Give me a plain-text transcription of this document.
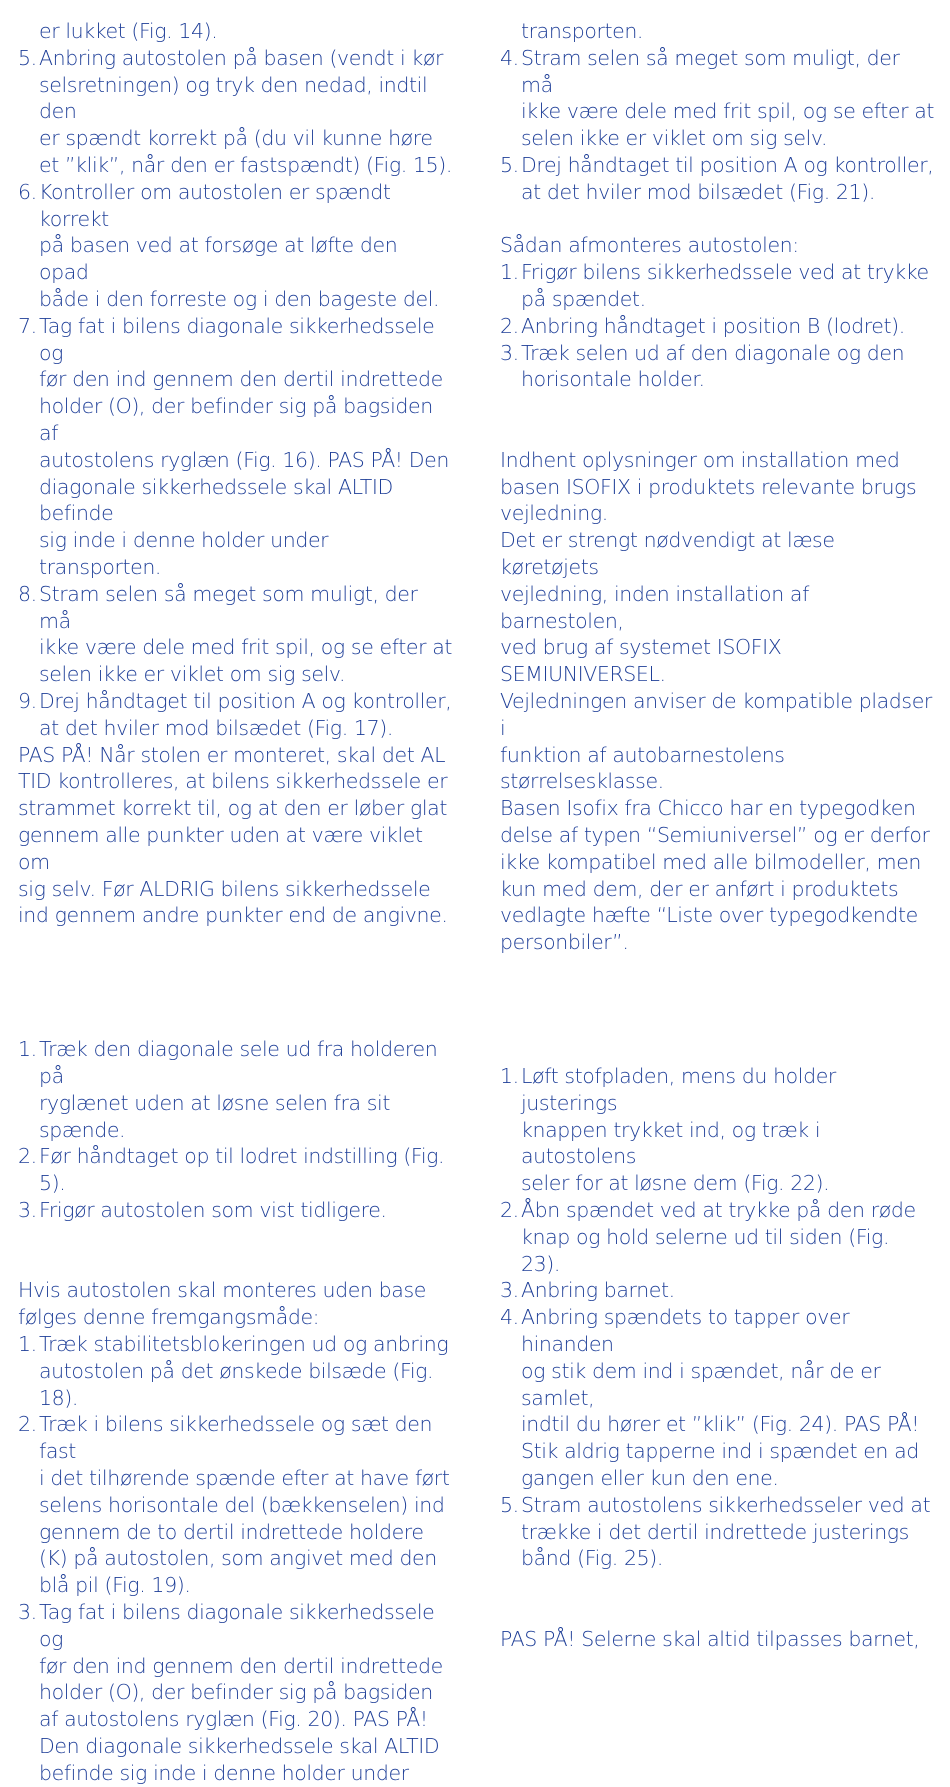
er lukket (Fig. 14).

5. Anbring autostolen på basen (vendt i kør
selsretningen) og tryk den nedad, indtil den
er spændt korrekt på (du vil kunne høre
et ”klik”, når den er fastspændt) (Fig. 15).
6. Kontroller om autostolen er spændt korrekt
på basen ved at forsøge at løfte den opad
både i den forreste og i den bageste del.
7. Tag fat i bilens diagonale sikkerhedssele og
før den ind gennem den dertil indrettede
holder (O), der befinder sig på bagsiden af
autostolens ryglæn (Fig. 16). PAS PÅ! Den
diagonale sikkerhedssele skal ALTID befinde
sig inde i denne holder under transporten.
8. Stram selen så meget som muligt, der må
ikke være dele med frit spil, og se efter at
selen ikke er viklet om sig selv.
9. Drej håndtaget til position A og kontroller,
at det hviler mod bilsædet (Fig. 17).

PAS PÅ! Når stolen er monteret, skal det AL
TID kontrolleres, at bilens sikkerhedssele er
strammet korrekt til, og at den er løber glat
gennem alle punkter uden at være viklet om
sig selv. Før ALDRIG bilens sikkerhedssele
ind gennem andre punkter end de angivne.

1. Træk den diagonale sele ud fra holderen på
ryglænet uden at løsne selen fra sit spænde.
2. Før håndtaget op til lodret indstilling (Fig. 5).
3. Frigør autostolen som vist tidligere.

Hvis autostolen skal monteres uden base
følges denne fremgangsmåde:

1. Træk stabilitetsblokeringen ud og anbring
autostolen på det ønskede bilsæde (Fig. 18).
2. Træk i bilens sikkerhedssele og sæt den fast
i det tilhørende spænde efter at have ført
selens horisontale del (bækkenselen) ind
gennem de to dertil indrettede holdere
(K) på autostolen, som angivet med den
blå pil (Fig. 19).
3. Tag fat i bilens diagonale sikkerhedssele og
før den ind gennem den dertil indrettede
holder (O), der befinder sig på bagsiden
af autostolens ryglæn (Fig. 20). PAS PÅ!
Den diagonale sikkerhedssele skal ALTID
befinde sig inde i denne holder under

transporten.

4. Stram selen så meget som muligt, der må
ikke være dele med frit spil, og se efter at
selen ikke er viklet om sig selv.
5. Drej håndtaget til position A og kontroller,
at det hviler mod bilsædet (Fig. 21).

Sådan afmonteres autostolen:

1. Frigør bilens sikkerhedssele ved at trykke
på spændet.
2. Anbring håndtaget i position B (lodret).
3. Træk selen ud af den diagonale og den
horisontale holder.

Indhent oplysninger om installation med
basen ISOFIX i produktets relevante brugs
vejledning.

Det er strengt nødvendigt at læse køretøjets
vejledning, inden installation af barnestolen,
ved brug af systemet ISOFIX SEMIUNIVERSEL.
Vejledningen anviser de kompatible pladser i
funktion af autobarnestolens størrelsesklasse.
Basen Isofix fra Chicco har en typegodken
delse af typen “Semiuniversel” og er derfor
ikke kompatibel med alle bilmodeller, men
kun med dem, der er anført i produktets
vedlagte hæfte “Liste over typegodkendte
personbiler”.

1. Løft stofpladen, mens du holder justerings
knappen trykket ind, og træk i autostolens
seler for at løsne dem (Fig. 22).
2. Åbn spændet ved at trykke på den røde
knap og hold selerne ud til siden (Fig. 23).
3. Anbring barnet.
4. Anbring spændets to tapper over hinanden
og stik dem ind i spændet, når de er samlet,
indtil du hører et ”klik” (Fig. 24). PAS PÅ!
Stik aldrig tapperne ind i spændet en ad
gangen eller kun den ene.
5. Stram autostolens sikkerhedsseler ved at
trække i det dertil indrettede justerings
bånd (Fig. 25).

PAS PÅ! Selerne skal altid tilpasses barnet,
